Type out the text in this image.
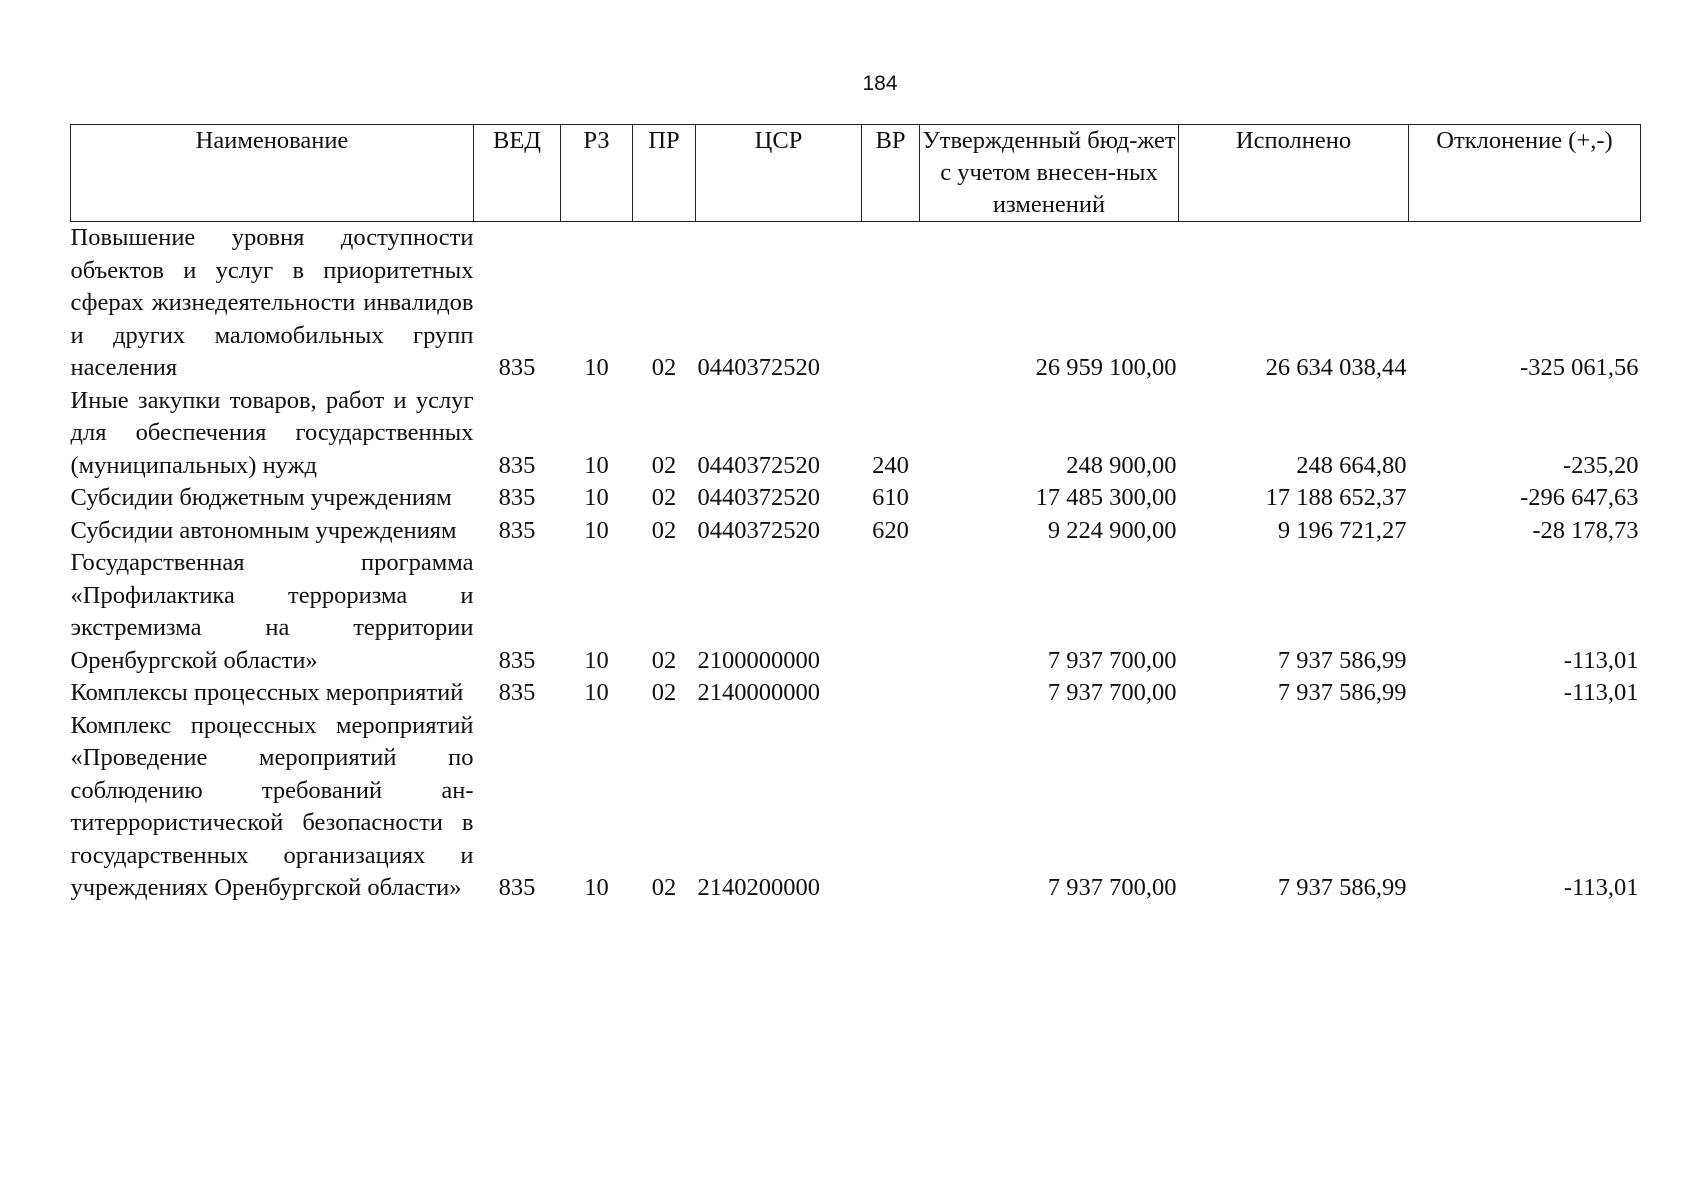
184
Наименование	ВЕД	РЗ	ПР	ЦСР	ВР	Утвержденный бюд-жет с учетом внесен-ных изменений	Исполнено	Отклонение (+,-)
Повышение уровня доступности объектов и услуг в приоритетных сферах жизнедеятельности инвалидов и других маломобильных групп населения	835	10	02	0440372520		26 959 100,00	26 634 038,44	-325 061,56
Иные закупки товаров, работ и услуг для обеспечения государственных (муниципальных) нужд	835	10	02	0440372520	240	248 900,00	248 664,80	-235,20
Субсидии бюджетным учреждениям	835	10	02	0440372520	610	17 485 300,00	17 188 652,37	-296 647,63
Субсидии автономным учреждениям	835	10	02	0440372520	620	9 224 900,00	9 196 721,27	-28 178,73
Государственная программа «Профилактика терроризма и экстремизма на территории Оренбургской области»	835	10	02	2100000000		7 937 700,00	7 937 586,99	-113,01
Комплексы процессных мероприятий	835	10	02	2140000000		7 937 700,00	7 937 586,99	-113,01
Комплекс процессных мероприятий «Проведение мероприятий по соблюдению требований антитеррористической безопасности в государственных организациях и учреждениях Оренбургской области»	835	10	02	2140200000		7 937 700,00	7 937 586,99	-113,01
